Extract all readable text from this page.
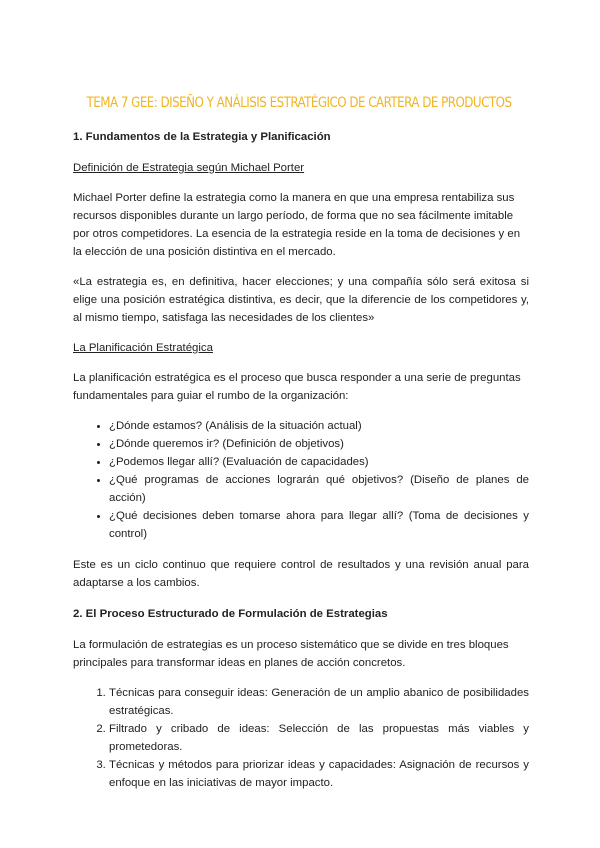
TEMA 7 GEE: DISEÑO Y ANÁLISIS ESTRATÉGICO DE CARTERA DE PRODUCTOS
1. Fundamentos de la Estrategia y Planificación
Definición de Estrategia según Michael Porter
Michael Porter define la estrategia como la manera en que una empresa rentabiliza sus recursos disponibles durante un largo período, de forma que no sea fácilmente imitable por otros competidores. La esencia de la estrategia reside en la toma de decisiones y en la elección de una posición distintiva en el mercado.
«La estrategia es, en definitiva, hacer elecciones; y una compañía sólo será exitosa si elige una posición estratégica distintiva, es decir, que la diferencie de los competidores y, al mismo tiempo, satisfaga las necesidades de los clientes»
La Planificación Estratégica
La planificación estratégica es el proceso que busca responder a una serie de preguntas fundamentales para guiar el rumbo de la organización:
• ¿Dónde estamos? (Análisis de la situación actual)
• ¿Dónde queremos ir? (Definición de objetivos)
• ¿Podemos llegar allí? (Evaluación de capacidades)
• ¿Qué programas de acciones lograrán qué objetivos? (Diseño de planes de acción)
• ¿Qué decisiones deben tomarse ahora para llegar allí? (Toma de decisiones y control)
Este es un ciclo continuo que requiere control de resultados y una revisión anual para adaptarse a los cambios.
2. El Proceso Estructurado de Formulación de Estrategias
La formulación de estrategias es un proceso sistemático que se divide en tres bloques principales para transformar ideas en planes de acción concretos.
1. Técnicas para conseguir ideas: Generación de un amplio abanico de posibilidades estratégicas.
2. Filtrado y cribado de ideas: Selección de las propuestas más viables y prometedoras.
3. Técnicas y métodos para priorizar ideas y capacidades: Asignación de recursos y enfoque en las iniciativas de mayor impacto.
